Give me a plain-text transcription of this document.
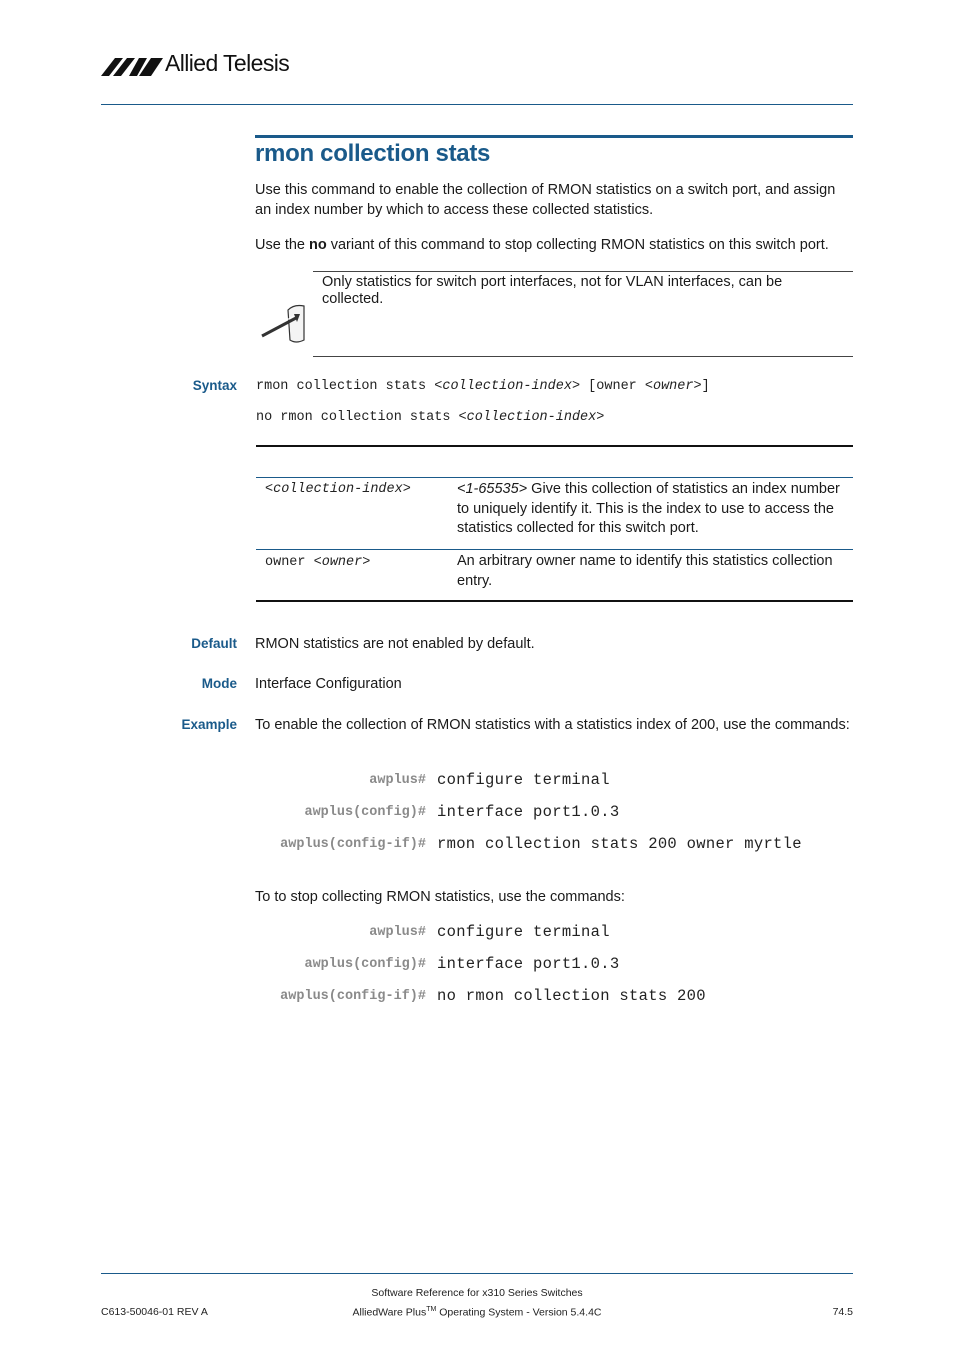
Allied Telesis
rmon collection stats
Use this command to enable the collection of RMON statistics on a switch port, and assign an index number by which to access these collected statistics.
Use the no variant of this command to stop collecting RMON statistics on this switch port.
Only statistics for switch port interfaces, not for VLAN interfaces, can be collected.
Syntax rmon collection stats <collection-index> [owner <owner>]
no rmon collection stats <collection-index>
<collection-index>	<1-65535> Give this collection of statistics an index number to uniquely identify it. This is the index to use to access the statistics collected for this switch port.
owner <owner>	An arbitrary owner name to identify this statistics collection entry.
Default RMON statistics are not enabled by default.
Mode Interface Configuration
Example To enable the collection of RMON statistics with a statistics index of 200, use the commands:
awplus# configure terminal
awplus(config)# interface port1.0.3
awplus(config-if)# rmon collection stats 200 owner myrtle
To to stop collecting RMON statistics, use the commands:
awplus# configure terminal
awplus(config)# interface port1.0.3
awplus(config-if)# no rmon collection stats 200
Software Reference for x310 Series Switches
C613-50046-01 REV A	AlliedWare Plus™ Operating System - Version 5.4.4C	74.5
